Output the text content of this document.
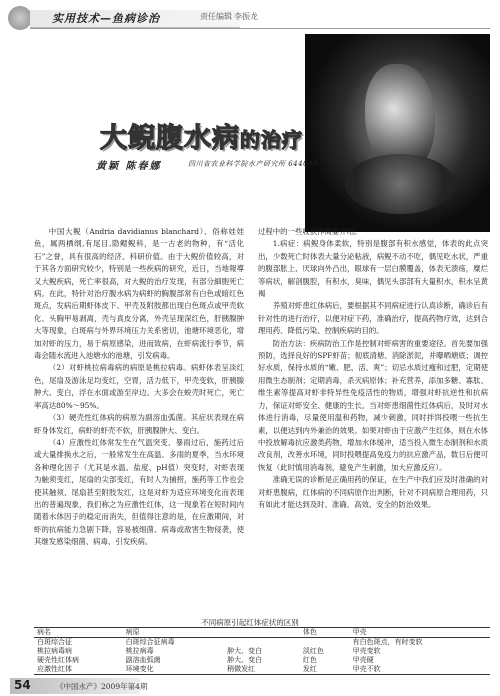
实用技术—鱼病诊治	责任编辑 李振龙
大鲵腹水病的治疗
黄颖 陈春娜	四川省农业科学院水产研究所 644000

中国大鲵（Andria davidianus blanchard）、俗称娃娃鱼，属两栖纲,有尾目,隐鳃鲵科，是一古老的物种，有“活化石”之誉，具有很高的经济、科研价值。由于大鲵价值较高，对于其各方面研究较少，特别是一些疾病的研究，近日，当地報導又大鲵疾病，死亡率很高，对大鲵的治疗发现，有部分細胞死亡病。在此，特针对治疗腹水病为病虾的胸腹部常有白色或暗红色斑点，发病后期虾体皮下、甲壳及附肢都出现白色斑点或甲壳软化、头胸甲易剥离，壳与真皮分离，外壳呈现深红色，肝胰腺肿大等现象，白斑病与外界环境压力关系密切，池塘环境恶化，增加对虾的压力，易于病原感染，进而致病，在虾病流行季节，病毒会随水流进入池塘水的池塘，引发病毒。

（2）对虾桃拉病毒病的病原是桃拉病毒。病虾体表呈淡红色，尾扇及游泳足均变红，空胃，活力低下，甲壳变软，肝胰腺肿大、变白，浮在水面或游至岸边。大多会在蜕壳时死亡，死亡率高达80%～95%。

（3）硬壳性红体病的病原为副溶血弧菌。其症状表现在病虾身体发红，病虾的虾壳不软，肝胰腺肿大、变白。

（4）应激性红体常发生在气温突变、暴雨过后，施药过后或大量排换水之后，一般常发生在高温、多雨的夏季，当水环境各种理化因子（尤其是水温、盐度、pH值）突变时，对虾表现为触须变红，尾扇的尖部变红，有时人为捕捞，施药等工作也会使其触须、尾扇甚至附肢发红，这是对虾为适应环境变化而表现出的普遍现象，我们称之为应激性红体，这一现象若在短时间内随着水体因子的稳定而消失，但值得注意的是，在应激期间，对虾的抗病能力急剧下降，容易被细菌、病毒或敌害生物侵袭，使其继发感染细菌、病毒、引发疾病。

过程中的一些收获作简要介绍。

1.病症：病鲵身体柔软，特别是腹部有积水感觉，体表的此点突出，少数死亡时体表大量分泌粘液，病鲵不动不吃，偶见吃水状，严重的腹部胀上、厌球向外凸出，眼球有一层白膜覆盖，体表无溃疡，糜烂等病状，解剖腹腔，有积水，臭味，偶见头部部有大量积水，积水呈黄褐

养殖对虾患红体病后，要根据其不同病症进行认真诊断，确诊后有针对性的进行治疗，以便对症下药，准确治疗，提高药物疗效，达到合理用药、降低污染、控制疾病的目的。

防治方法：疾病防治工作是控制对虾病害的重要途径。首先要加强预防，选择良好的SPF虾苗；彻底清塘、消除淤泥，并曝晒塘底；调控好水质，保持水质的“嫩、肥、活、爽”；切忌水质过瘦和过肥，定期使用微生态制剂；定期消毒，杀灭病原体；补充营养，添加多糖、寡肽、维生素等提高对虾非特异性免疫活性的物质，增强对虾抗逆性和抗病力，保证对虾安全、健康的生长。当对虾患细菌性红体病后，及时对水体进行消毒，尽量使用温和药物，减少刺激，同时拌饵投喂一些抗生素，以便达到内外兼治的效果。如果对虾由于应激产生红体，则在水体中投放解毒抗应激类药物，增加水体缓冲，适当投入微生态制剂和水质改良剂，改善水环境，同时投喂提高免疫力的抗应激产品，数日后便可恢复（此时慎用消毒剂，避免产生刺激，加大应激反应）。

准确无误的诊断是正确用药的保证，在生产中我们应及时准确的对对虾患腹病，红体病的不同病原作出判断，针对不同病原合理用药，只有如此才能达到及时、准确、高效、安全的防治效果。

不同病原引起红体症状的区别
病名	病原		体色	甲壳
白斑综合征	白斑综合征病毒			有白色斑点，有时变软
桃拉病毒病	桃拉病毒	肿大、变白	淡红色	甲壳变软
硬壳性红体病	副溶血弧菌	肿大、变白	红色	甲壳硬
应激性红体	环境变化	稍微发红	发红	甲壳不软
54	《中国水产》2009年第4期
